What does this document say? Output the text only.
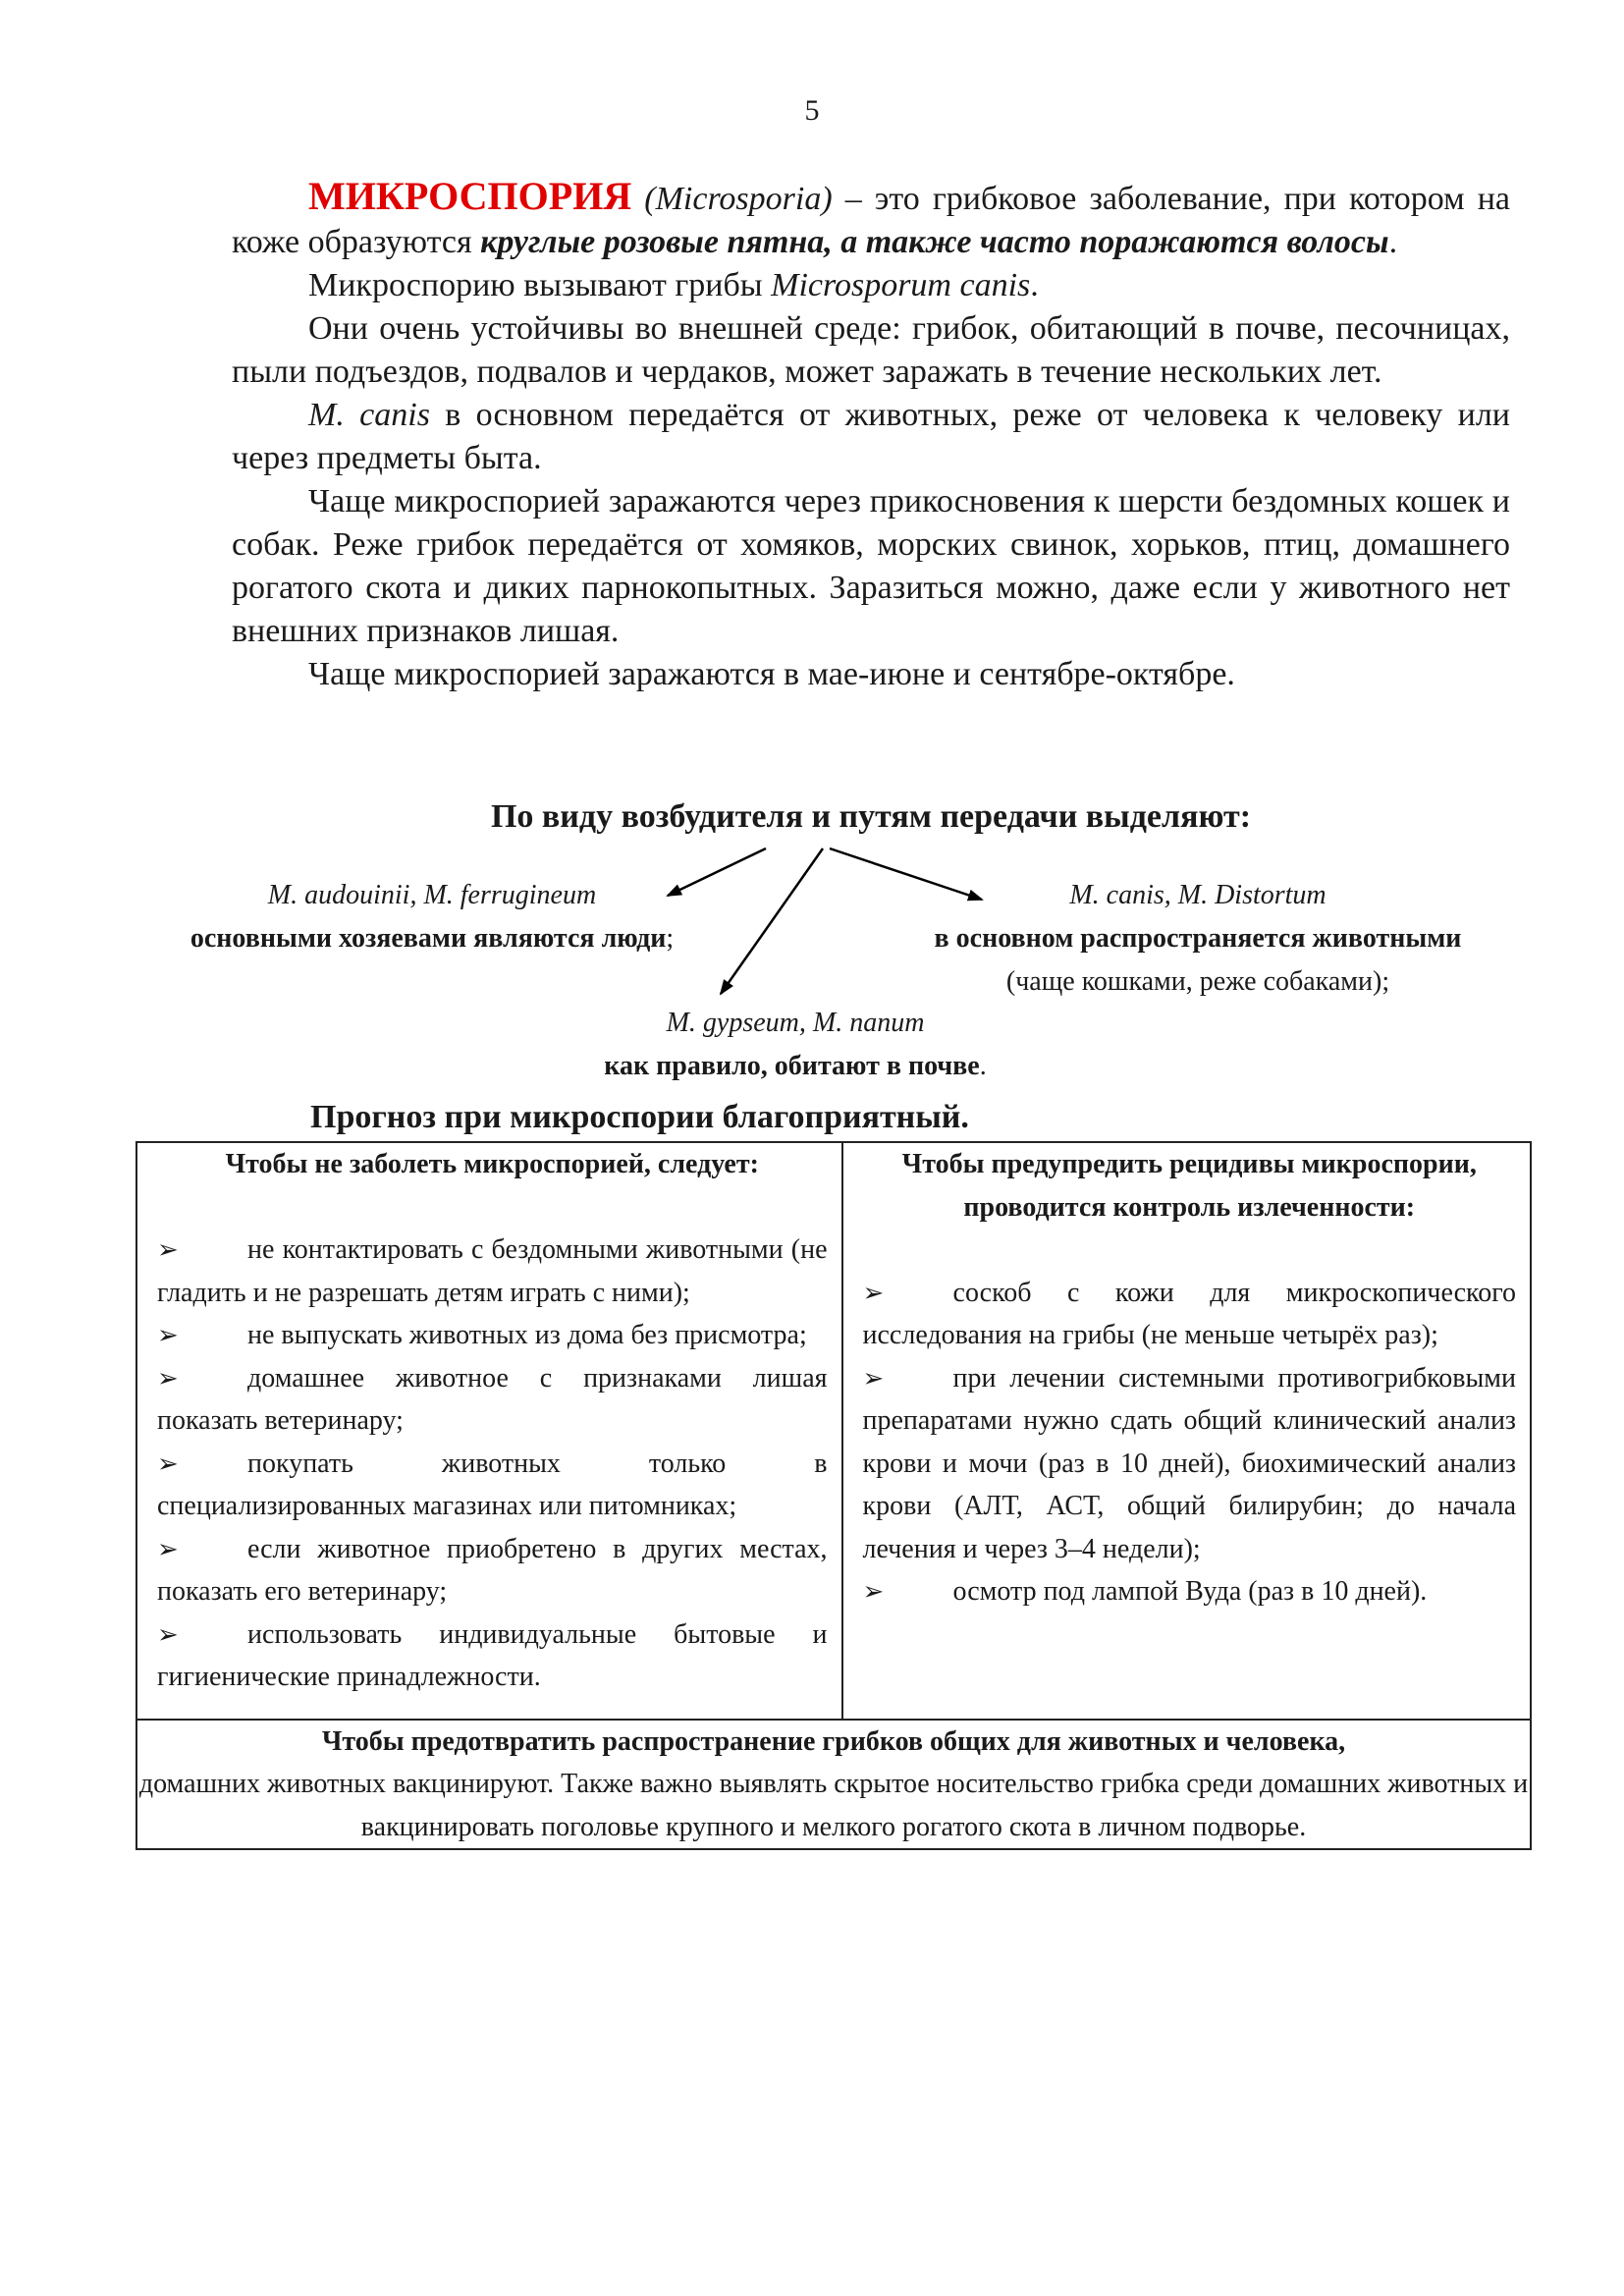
5

МИКРОСПОРИЯ (Microsporia) – это грибковое заболевание, при котором на коже образуются круглые розовые пятна, а также часто поражаются волосы.

Микроспорию вызывают грибы Microsporum canis.

Они очень устойчивы во внешней среде: грибок, обитающий в почве, песочницах, пыли подъездов, подвалов и чердаков, может заражать в течение нескольких лет.

M. canis в основном передаётся от животных, реже от человека к человеку или через предметы быта.

Чаще микроспорией заражаются через прикосновения к шерсти бездомных кошек и собак. Реже грибок передаётся от хомяков, морских свинок, хорьков, птиц, домашнего рогатого скота и диких парнокопытных. Заразиться можно, даже если у животного нет внешних признаков лишая.

Чаще микроспорией заражаются в мае-июне и сентябре-октябре.

По виду возбудителя и путям передачи выделяют:
M. audouinii, M. ferrugineum
основными хозяевами являются люди;
M. canis, M. Distortum
в основном распространяется животными
(чаще кошками, реже собаками);
M. gypseum, M. nanum
как правило, обитают в почве.
Прогноз при микроспории благоприятный.
Чтобы не заболеть микроспорией, следует:
➢	не контактировать с бездомными животными (не гладить и не разрешать детям играть с ними);
➢	не выпускать животных из дома без присмотра;
➢	домашнее животное с признаками лишая показать ветеринару;
➢	покупать животных только в специализированных магазинах или питомниках;
➢	если животное приобретено в других местах, показать его ветеринару;
➢	использовать индивидуальные бытовые и гигиенические принадлежности.

Чтобы предупредить рецидивы микроспории, проводится контроль излеченности:
➢	соскоб с кожи для микроскопического исследования на грибы (не меньше четырёх раз);
➢	при лечении системными противогрибковыми препаратами нужно сдать общий клинический анализ крови и мочи (раз в 10 дней), биохимический анализ крови (АЛТ, АСТ, общий билирубин; до начала лечения и через 3–4 недели);
➢	осмотр под лампой Вуда (раз в 10 дней).

Чтобы предотвратить распространение грибков общих для животных и человека,
домашних животных вакцинируют. Также важно выявлять скрытое носительство грибка среди домашних животных и вакцинировать поголовье крупного и мелкого рогатого скота в личном подворье.
